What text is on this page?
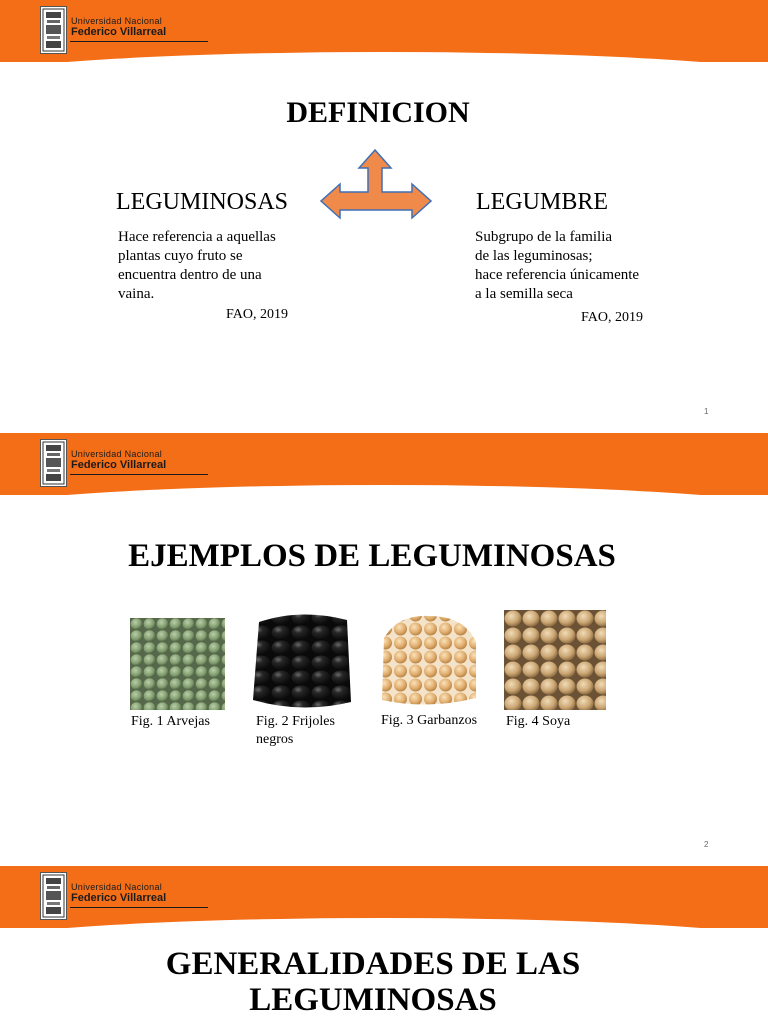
Universidad Nacional
Federico Villarreal
DEFINICION
LEGUMINOSAS
Hace referencia a aquellas
plantas cuyo fruto se
encuentra dentro de una
vaina.
FAO, 2019
LEGUMBRE
Subgrupo de la familia
de las leguminosas;
hace referencia únicamente
a la semilla seca
FAO, 2019
1
Universidad Nacional
Federico Villarreal
EJEMPLOS DE LEGUMINOSAS
Fig. 1 Arvejas	Fig. 2 Frijoles
negros
Fig. 3 Garbanzos Fig. 4 Soya
2
Universidad Nacional
Federico Villarreal
GENERALIDADES DE LAS
LEGUMINOSAS
